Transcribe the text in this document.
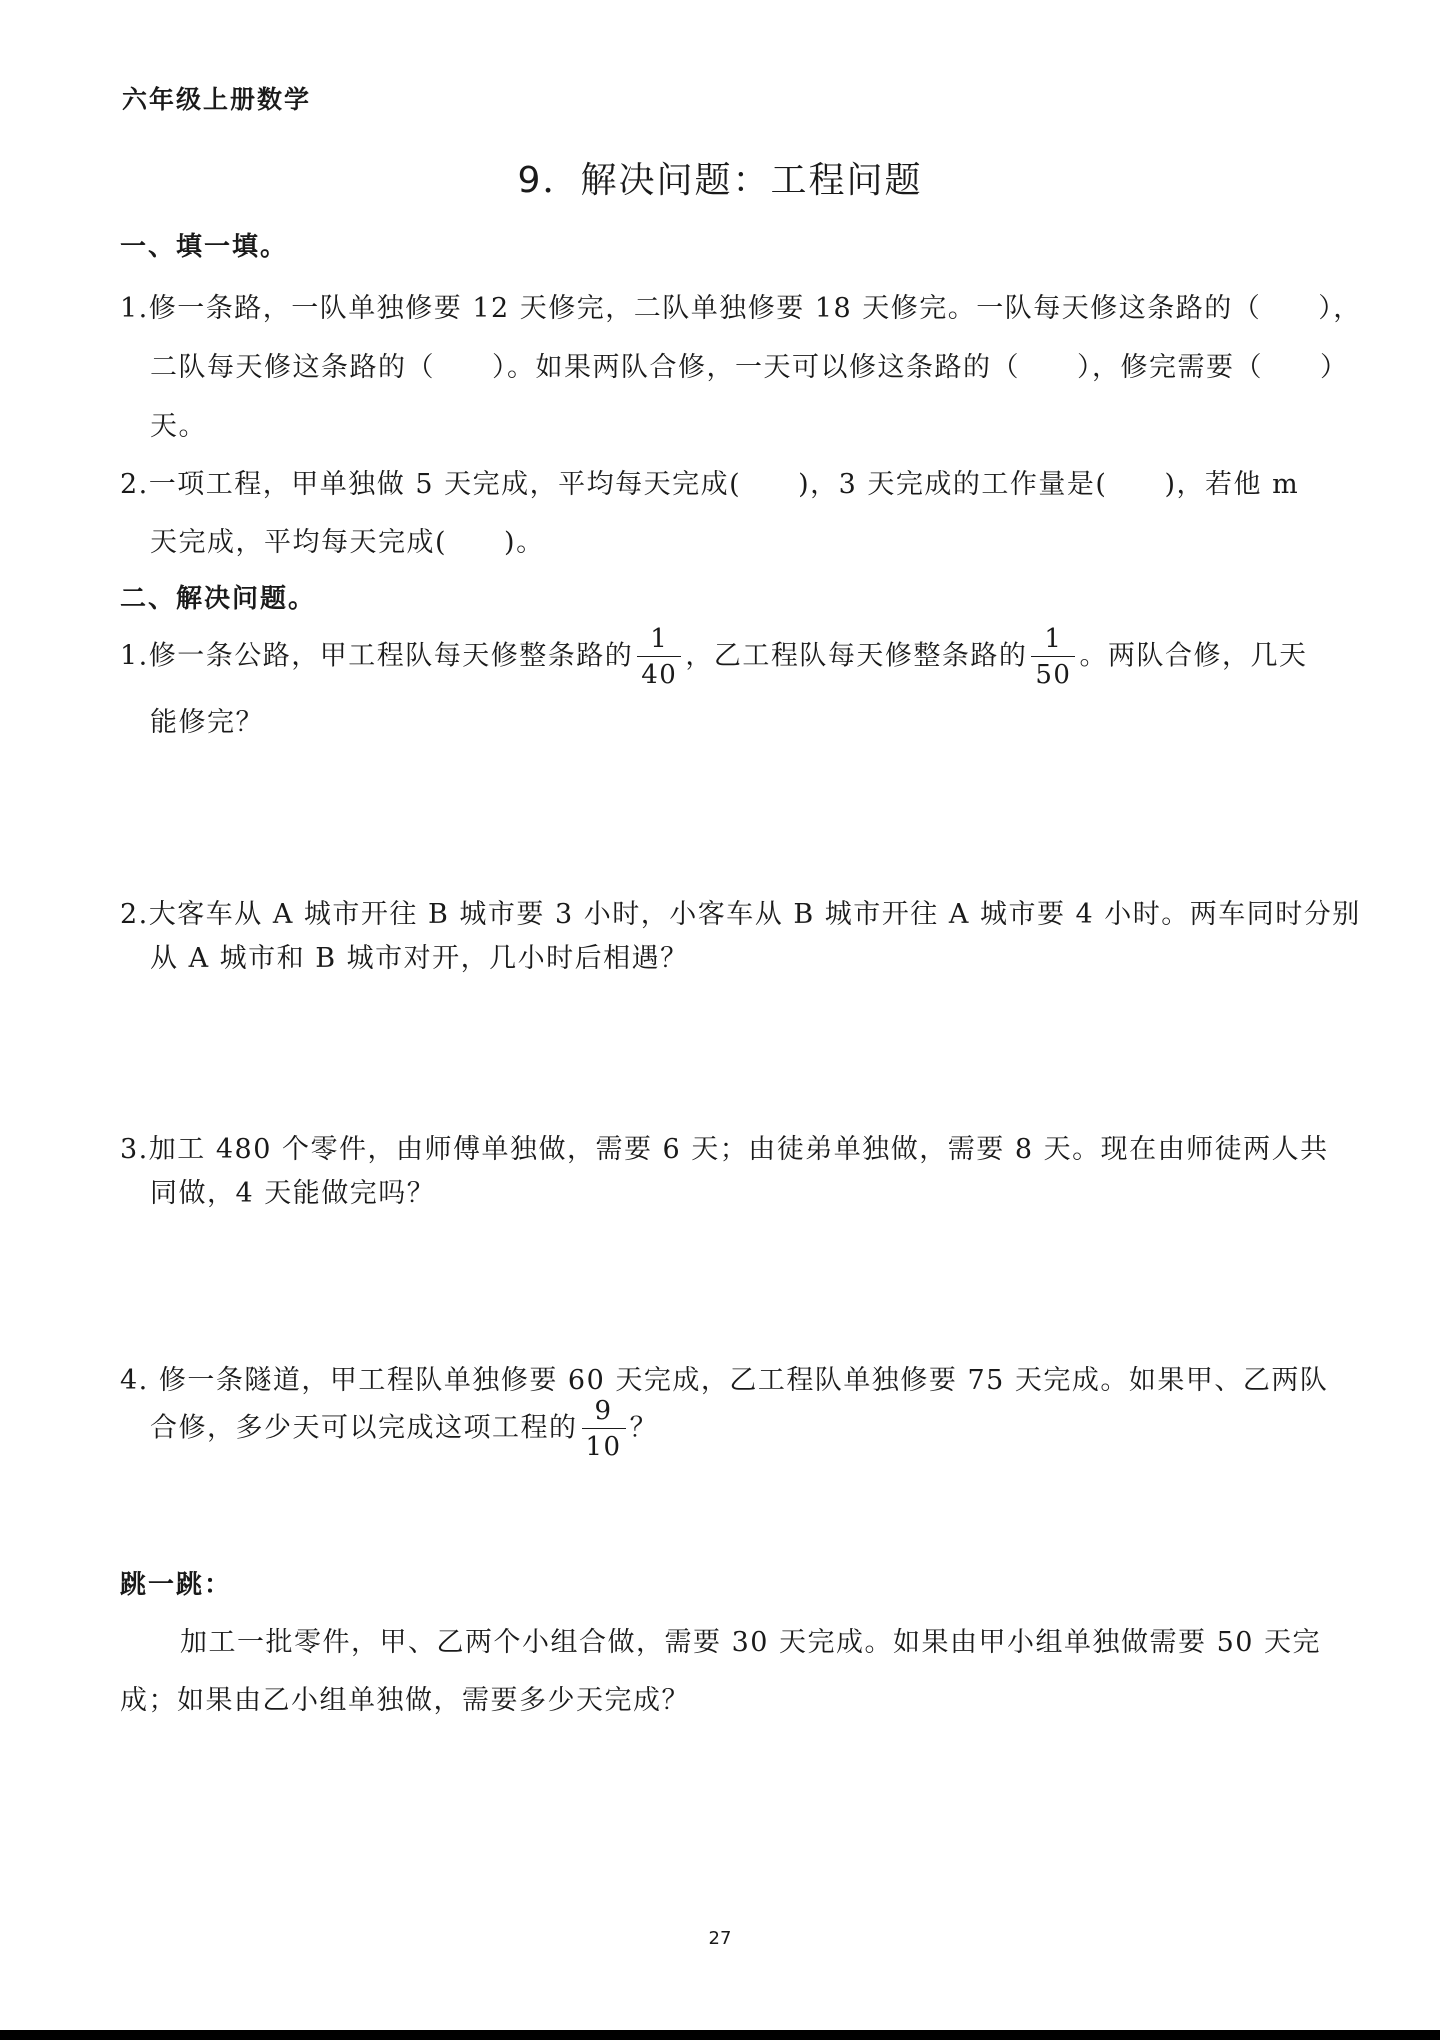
六年级上册数学
9．解决问题：工程问题
一、填一填。
1.修一条路，一队单独修要 12 天修完，二队单独修要 18 天修完。一队每天修这条路的（　　），
二队每天修这条路的（　　）。如果两队合修，一天可以修这条路的（　　），修完需要（　　）
天。
2.一项工程，甲单独做 5 天完成，平均每天完成(　　)，3 天完成的工作量是(　　)，若他 m
天完成，平均每天完成(　　)。
二、解决问题。
1.修一条公路，甲工程队每天修整条路的 $\frac{1}{40}$ ，乙工程队每天修整条路的 $\frac{1}{50}$ 。两队合修，几天
能修完？
2.大客车从 A 城市开往 B 城市要 3 小时，小客车从 B 城市开往 A 城市要 4 小时。两车同时分别
从 A 城市和 B 城市对开，几小时后相遇？
3.加工 480 个零件，由师傅单独做，需要 6 天；由徒弟单独做，需要 8 天。现在由师徒两人共
同做，4 天能做完吗？
4. 修一条隧道，甲工程队单独修要 60 天完成，乙工程队单独修要 75 天完成。如果甲、乙两队
合修，多少天可以完成这项工程的 $\frac{9}{10}$ ？
跳一跳：
加工一批零件，甲、乙两个小组合做，需要 30 天完成。如果由甲小组单独做需要 50 天完
成；如果由乙小组单独做，需要多少天完成？
27
